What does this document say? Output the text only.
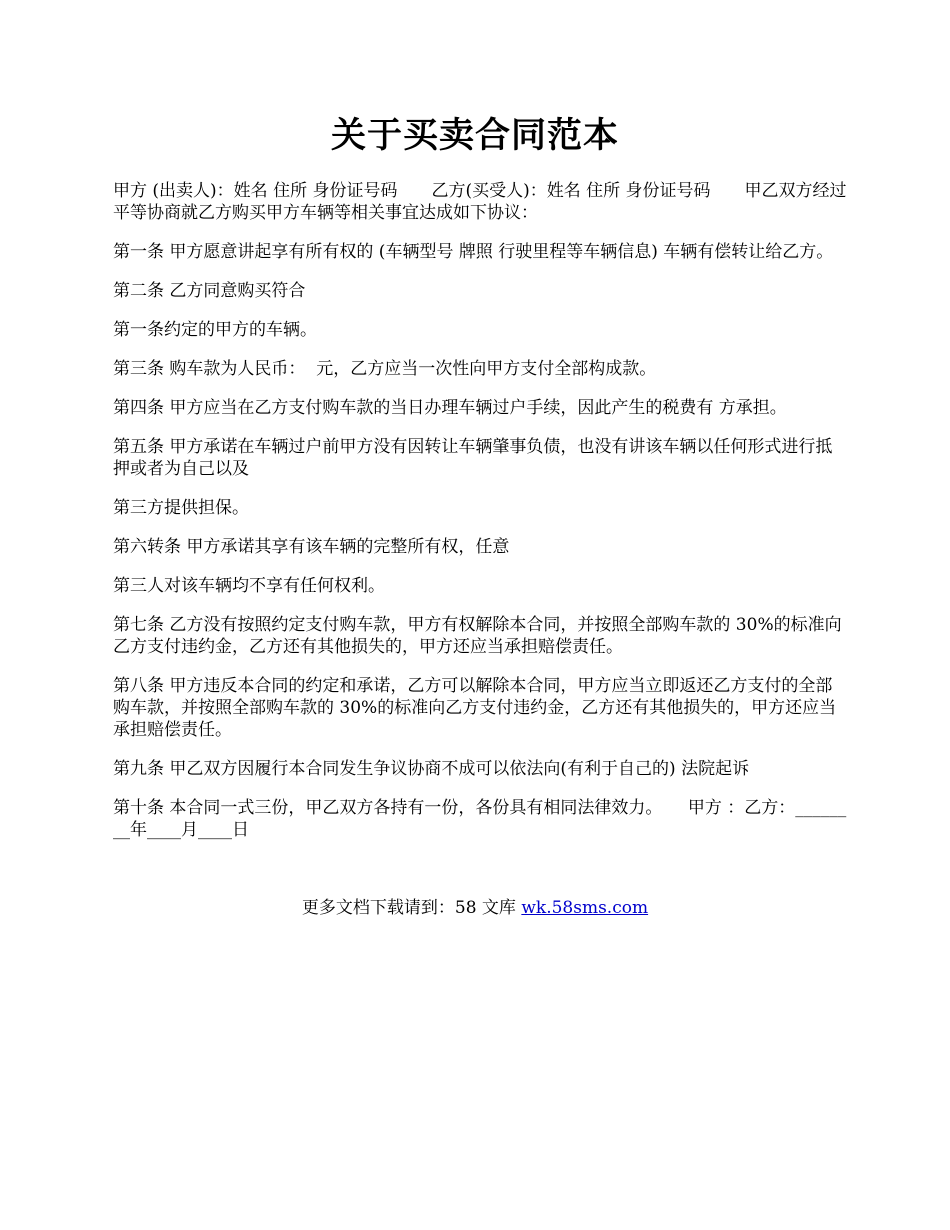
关于买卖合同范本

甲方 (出卖人)：姓名 住所 身份证号码　　乙方(买受人)：姓名 住所 身份证号码　　甲乙双方经过平等协商就乙方购买甲方车辆等相关事宜达成如下协议：

第一条 甲方愿意讲起享有所有权的 (车辆型号 牌照 行驶里程等车辆信息) 车辆有偿转让给乙方。

第二条 乙方同意购买符合

第一条约定的甲方的车辆。

第三条 购车款为人民币：  元，乙方应当一次性向甲方支付全部构成款。

第四条 甲方应当在乙方支付购车款的当日办理车辆过户手续，因此产生的税费有 方承担。

第五条 甲方承诺在车辆过户前甲方没有因转让车辆肇事负债，也没有讲该车辆以任何形式进行抵押或者为自己以及

第三方提供担保。

第六转条 甲方承诺其享有该车辆的完整所有权，任意

第三人对该车辆均不享有任何权利。

第七条 乙方没有按照约定支付购车款，甲方有权解除本合同，并按照全部购车款的 30%的标准向乙方支付违约金，乙方还有其他损失的，甲方还应当承担赔偿责任。

第八条 甲方违反本合同的约定和承诺，乙方可以解除本合同，甲方应当立即返还乙方支付的全部购车款，并按照全部购车款的 30%的标准向乙方支付违约金，乙方还有其他损失的，甲方还应当承担赔偿责任。

第九条 甲乙双方因履行本合同发生争议协商不成可以依法向(有利于自己的) 法院起诉

第十条 本合同一式三份，甲乙双方各持有一份，各份具有相同法律效力。　　甲方 ：乙方：________年____月____日

更多文档下载请到：58 文库 wk.58sms.com
